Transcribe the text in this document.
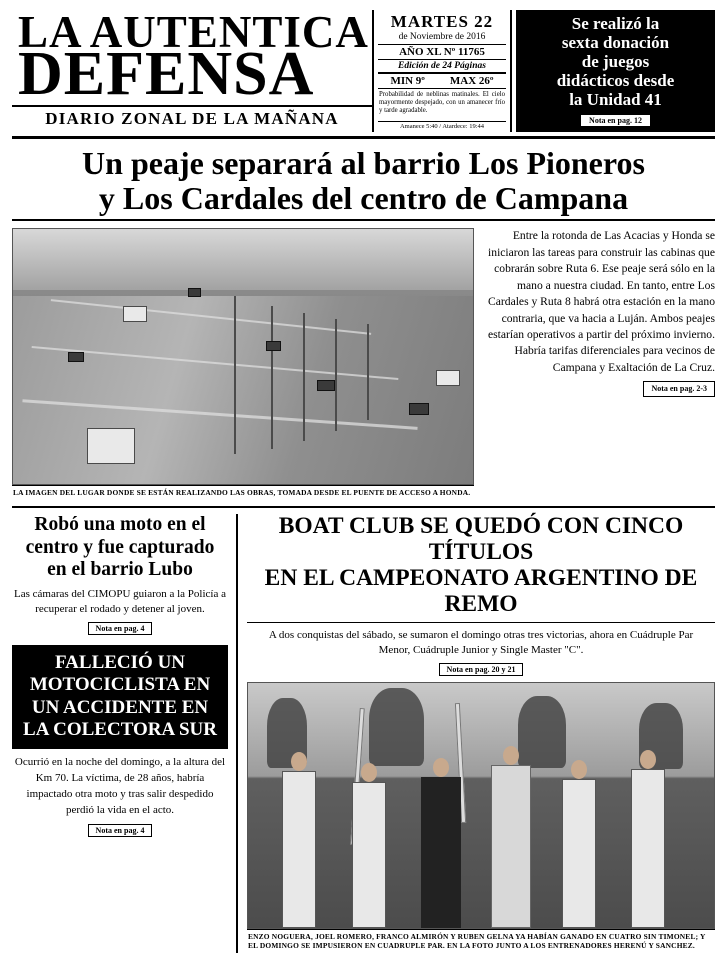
LA AUTENTICA
DEFENSA
DIARIO ZONAL DE LA MAÑANA
MARTES 22
de Noviembre de 2016
AÑO XL Nº 11765
Edición de 24 Páginas
MIN 9º MAX 26º
Probabilidad de neblinas matinales. El cielo mayormente despejado, con un amanecer frío y tarde agradable.
Amanece 5:40 / Atardece: 19:44
Se realizó la
sexta donación
de juegos
didácticos desde
la Unidad 41
Nota en pag. 12
Un peaje separará al barrio Los Pioneros
y Los Cardales del centro de Campana
LA IMAGEN DEL LUGAR DONDE SE ESTÁN REALIZANDO LAS OBRAS, TOMADA DESDE EL PUENTE DE ACCESO A HONDA.

Entre la rotonda de Las Acacias y Honda se iniciaron las tareas para construir las cabinas que cobrarán sobre Ruta 6. Ese peaje será sólo en la mano a nuestra ciudad. En tanto, entre Los Cardales y Ruta 8 habrá otra estación en la mano contraria, que va hacia a Luján. Ambos peajes estarían operativos a partir del próximo invierno. Habría tarifas diferenciales para vecinos de Campana y Exaltación de La Cruz.

Nota en pag. 2-3
Robó una moto en el
centro y fue capturado
en el barrio Lubo
Las cámaras del CIMOPU guiaron a la Policía a recuperar el rodado y detener al joven.
Nota en pag. 4
FALLECIÓ UN
MOTOCICLISTA EN
UN ACCIDENTE EN
LA COLECTORA SUR
Ocurrió en la noche del domingo, a la altura del Km 70. La víctima, de 28 años, habría impactado otra moto y tras salir despedido perdió la vida en el acto.
Nota en pag. 4
BOAT CLUB SE QUEDÓ CON CINCO TÍTULOS
EN EL CAMPEONATO ARGENTINO DE REMO
A dos conquistas del sábado, se sumaron el domingo otras tres victorias, ahora en Cuádruple Par Menor, Cuádruple Junior y Single Master "C".
Nota en pag. 20 y 21
ENZO NOGUERA, JOEL ROMERO, FRANCO ALMIRÓN Y RUBEN GELNA YA HABÍAN GANADO EN CUATRO SIN TIMONEL; Y EL DOMINGO SE IMPUSIERON EN CUADRUPLE PAR. EN LA FOTO JUNTO A LOS ENTRENADORES HERENÚ Y SANCHEZ.
